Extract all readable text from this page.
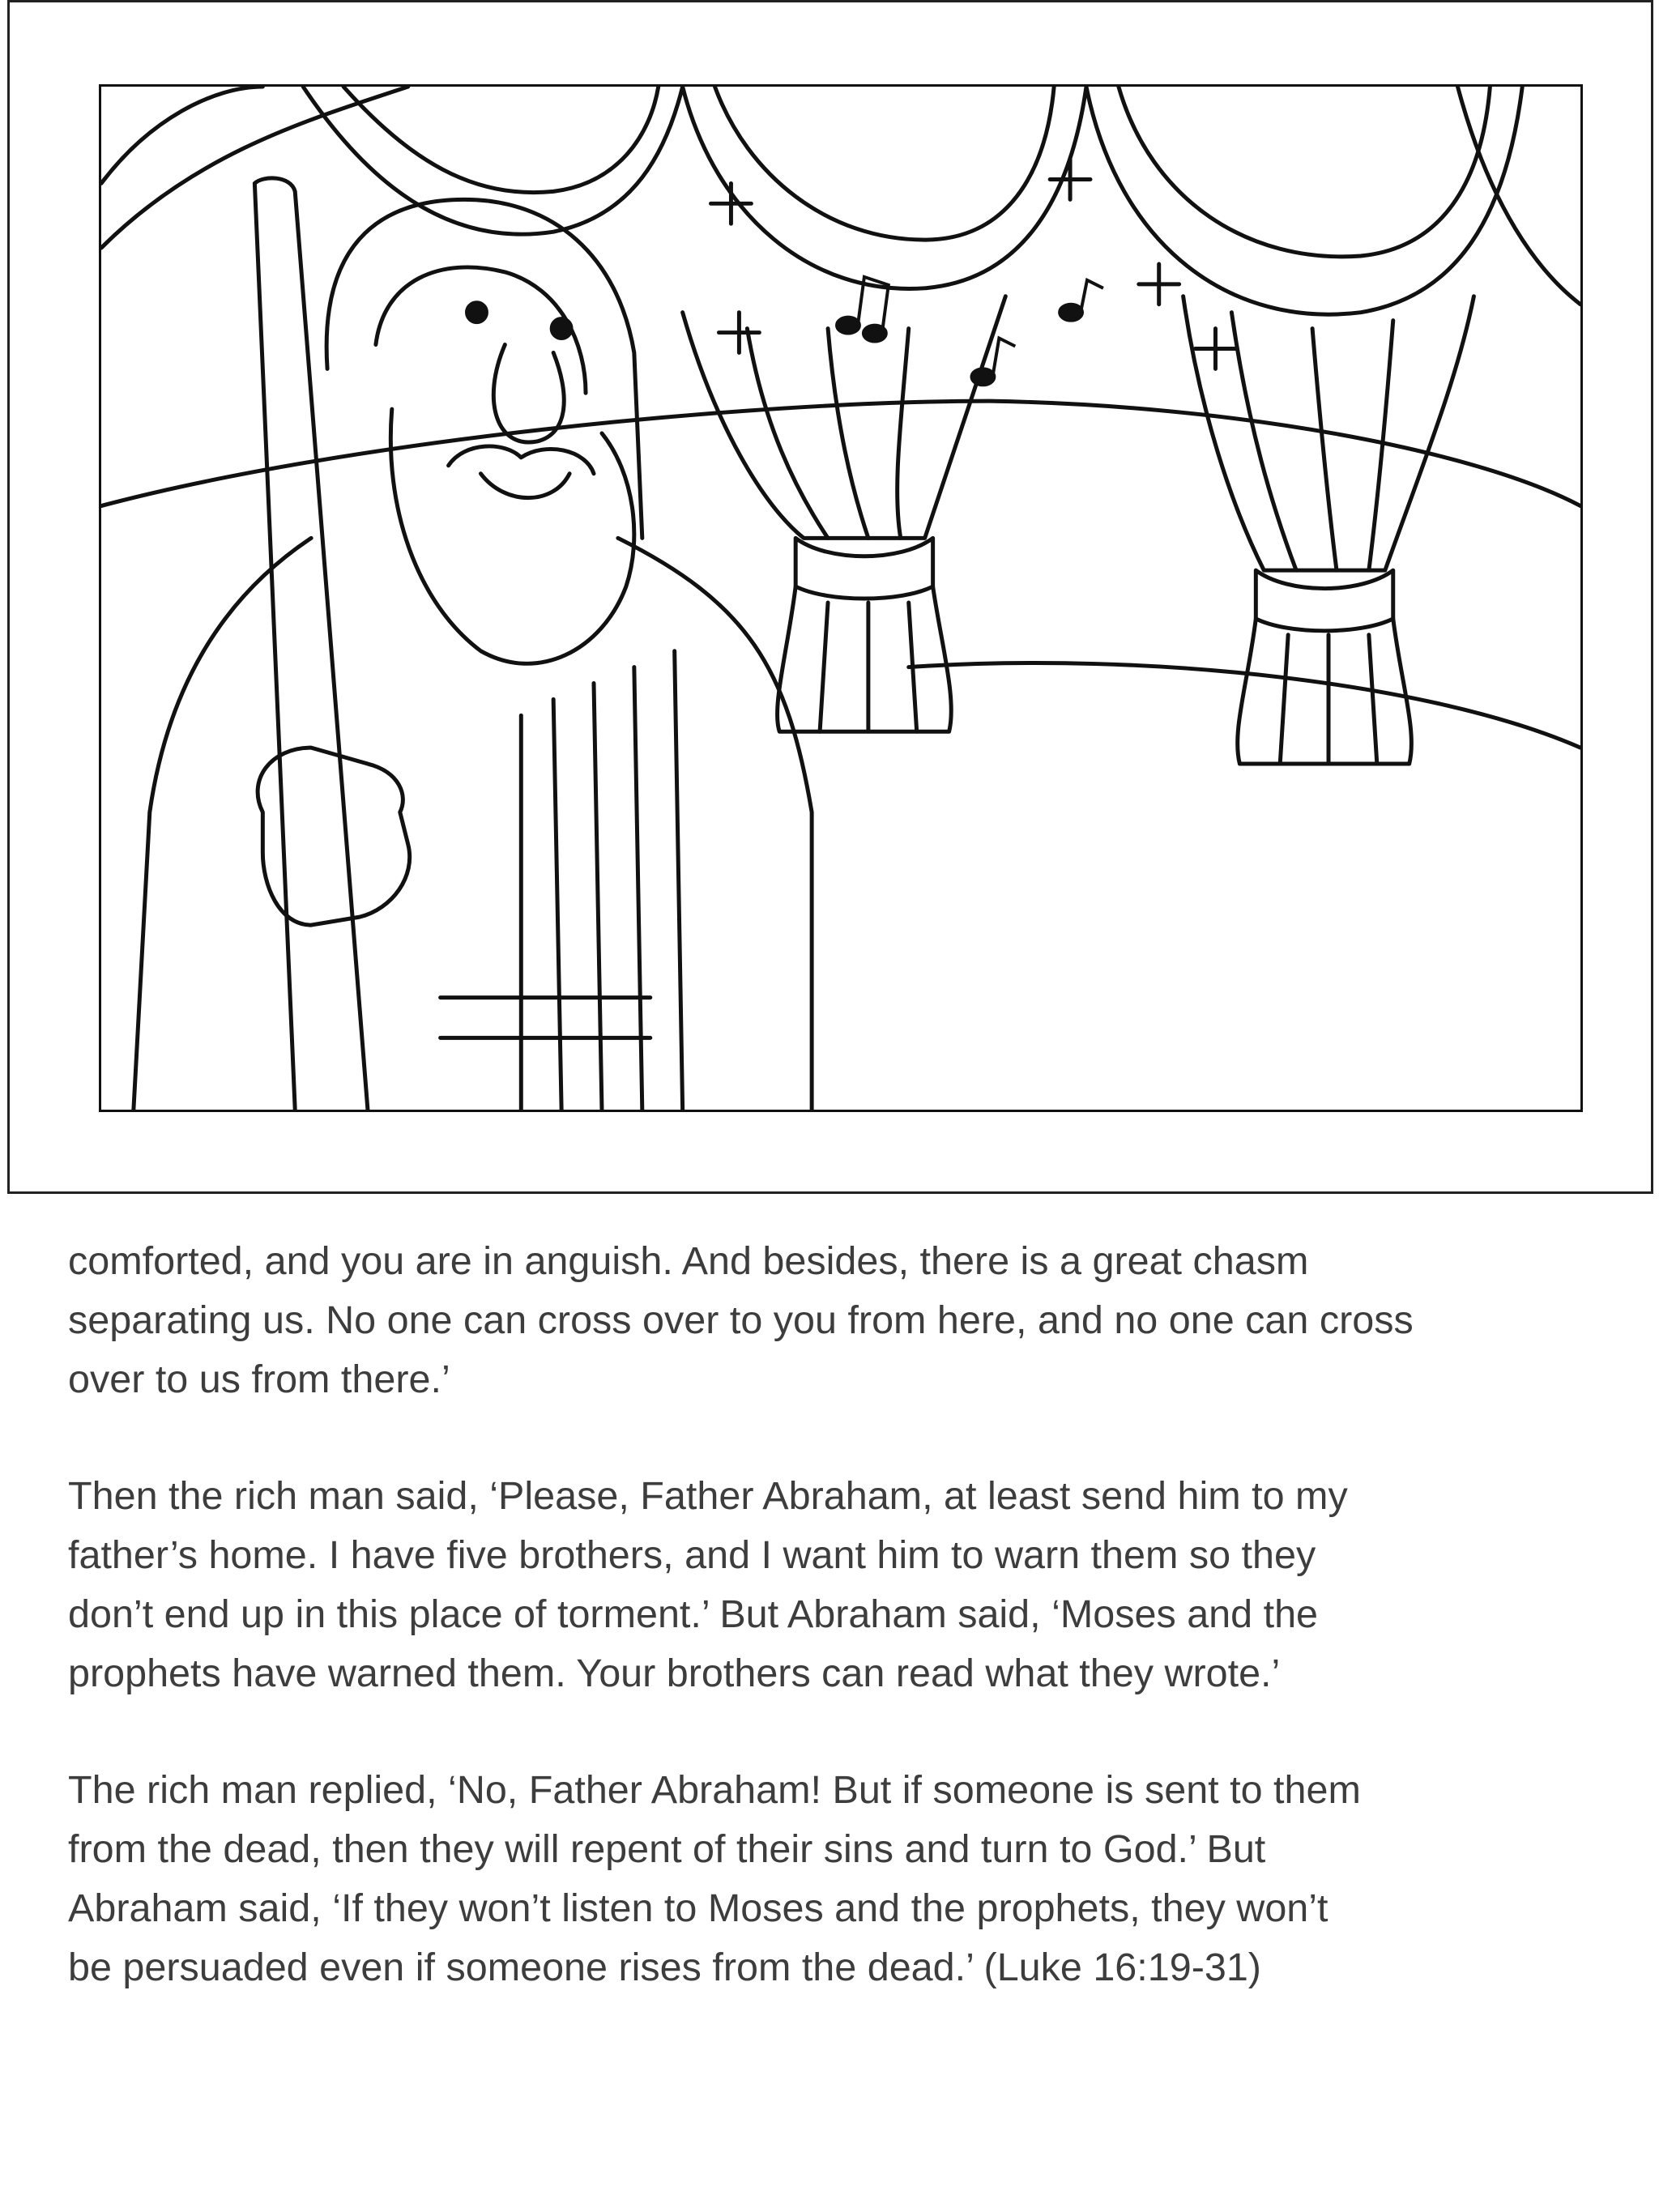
comforted, and you are in anguish. And besides, there is a great chasm
separating us. No one can cross over to you from here, and no one can cross
over to us from there.’

Then the rich man said, ‘Please, Father Abraham, at least send him to my
father’s home. I have five brothers, and I want him to warn them so they
don’t end up in this place of torment.’ But Abraham said, ‘Moses and the
prophets have warned them. Your brothers can read what they wrote.’

The rich man replied, ‘No, Father Abraham! But if someone is sent to them
from the dead, then they will repent of their sins and turn to God.’ But
Abraham said, ‘If they won’t listen to Moses and the prophets, they won’t
be persuaded even if someone rises from the dead.’ (Luke 16:19-31)
